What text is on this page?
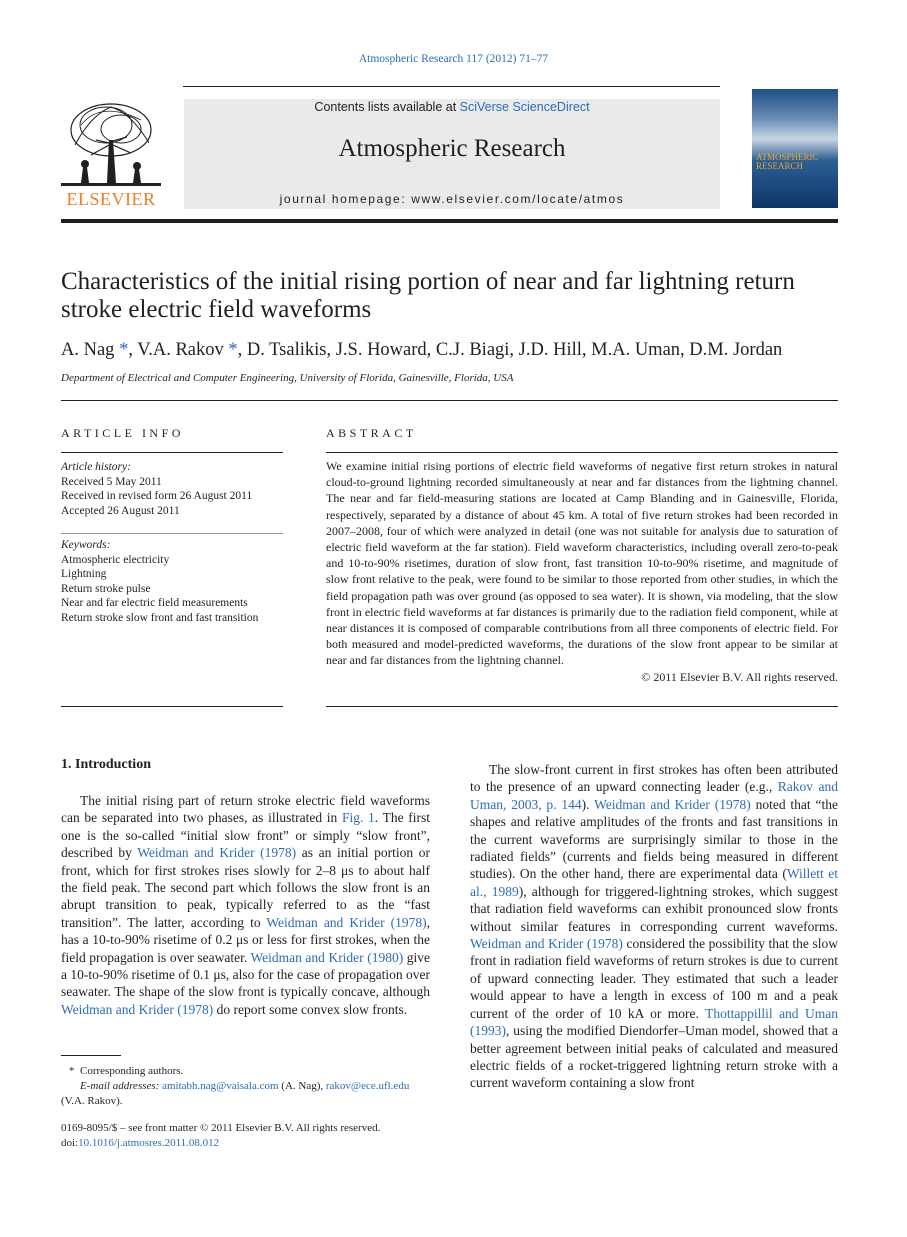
Atmospheric Research 117 (2012) 71–77
Contents lists available at SciVerse ScienceDirect
Atmospheric Research
journal homepage: www.elsevier.com/locate/atmos
ELSEVIER
ATMOSPHERIC RESEARCH
Characteristics of the initial rising portion of near and far lightning return stroke electric field waveforms
A. Nag *, V.A. Rakov *, D. Tsalikis, J.S. Howard, C.J. Biagi, J.D. Hill, M.A. Uman, D.M. Jordan
Department of Electrical and Computer Engineering, University of Florida, Gainesville, Florida, USA
ARTICLE INFO	ABSTRACT
Article history:
Received 5 May 2011
Received in revised form 26 August 2011
Accepted 26 August 2011
Keywords:
Atmospheric electricity
Lightning
Return stroke pulse
Near and far electric field measurements
Return stroke slow front and fast transition
We examine initial rising portions of electric field waveforms of negative first return strokes in natural cloud-to-ground lightning recorded simultaneously at near and far distances from the lightning channel. The near and far field-measuring stations are located at Camp Blanding and in Gainesville, Florida, respectively, separated by a distance of about 45 km. A total of five return strokes had been recorded in 2007–2008, four of which were analyzed in detail (one was not suitable for analysis due to saturation of electric field waveform at the far station). Field waveform characteristics, including overall zero-to-peak and 10-to-90% risetimes, duration of slow front, fast transition 10-to-90% risetime, and magnitude of slow front relative to the peak, were found to be similar to those reported from other studies, in which the field propagation path was over ground (as opposed to sea water). It is shown, via modeling, that the slow front in electric field waveforms at far distances is primarily due to the radiation field component, while at near distances it is composed of comparable contributions from all three components of electric field. For both measured and model-predicted waveforms, the durations of the slow front appear to be similar at near and far distances from the lightning channel.
© 2011 Elsevier B.V. All rights reserved.
1. Introduction

The initial rising part of return stroke electric field waveforms can be separated into two phases, as illustrated in Fig. 1. The first one is the so-called “initial slow front” or simply “slow front”, described by Weidman and Krider (1978) as an initial portion or front, which for first strokes rises slowly for 2–8 μs to about half the field peak. The second part which follows the slow front is an abrupt transition to peak, typically referred to as the “fast transition”. The latter, according to Weidman and Krider (1978), has a 10-to-90% risetime of 0.2 μs or less for first strokes, when the field propagation is over seawater. Weidman and Krider (1980) give a 10-to-90% risetime of 0.1 μs, also for the case of propagation over seawater. The shape of the slow front is typically concave, although Weidman and Krider (1978) do report some convex slow fronts.

The slow-front current in first strokes has often been attributed to the presence of an upward connecting leader (e.g., Rakov and Uman, 2003, p. 144). Weidman and Krider (1978) noted that “the shapes and relative amplitudes of the fronts and fast transitions in the current waveforms are surprisingly similar to those in the radiated fields” (currents and fields being measured in different studies). On the other hand, there are experimental data (Willett et al., 1989), although for triggered-lightning strokes, which suggest that radiation field waveforms can exhibit pronounced slow fronts without similar features in corresponding current waveforms. Weidman and Krider (1978) considered the possibility that the slow front in radiation field waveforms of return strokes is due to current of upward connecting leader. They estimated that such a leader would appear to have a length in excess of 100 m and a peak current of the order of 10 kA or more. Thottappillil and Uman (1993), using the modified Diendorfer–Uman model, showed that a better agreement between initial peaks of calculated and measured electric fields of a rocket-triggered lightning return stroke with a current waveform containing a slow front

* Corresponding authors.
E-mail addresses: amitabh.nag@vaisala.com (A. Nag), rakov@ece.ufl.edu
(V.A. Rakov).
0169-8095/$ – see front matter © 2011 Elsevier B.V. All rights reserved.
doi:10.1016/j.atmosres.2011.08.012
